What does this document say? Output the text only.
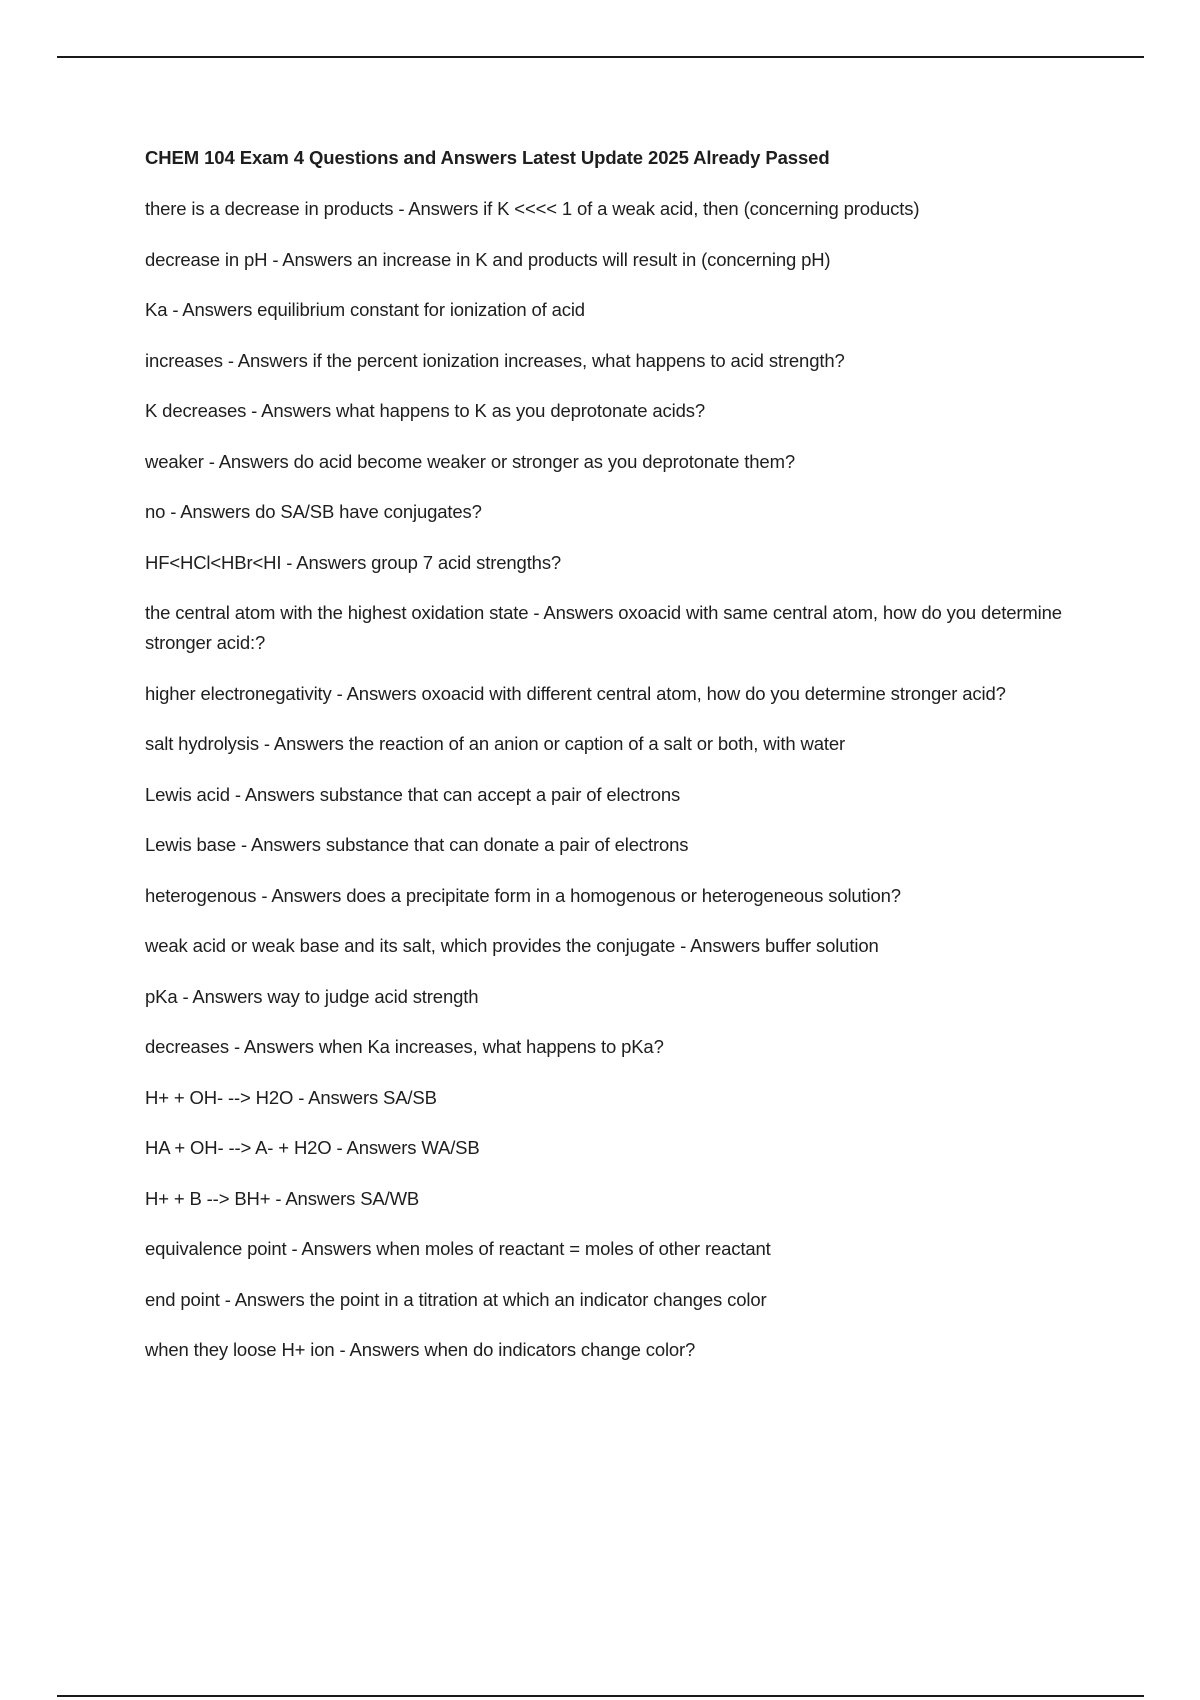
CHEM 104 Exam 4 Questions and Answers Latest Update 2025 Already Passed
there is a decrease in products - Answers if K <<<< 1 of a weak acid, then (concerning products)
decrease in pH - Answers an increase in K and products will result in (concerning pH)
Ka - Answers equilibrium constant for ionization of acid
increases - Answers if the percent ionization increases, what happens to acid strength?
K decreases - Answers what happens to K as you deprotonate acids?
weaker - Answers do acid become weaker or stronger as you deprotonate them?
no - Answers do SA/SB have conjugates?
HF<HCl<HBr<HI - Answers group 7 acid strengths?
the central atom with the highest oxidation state - Answers oxoacid with same central atom, how do you determine stronger acid:?
higher electronegativity - Answers oxoacid with different central atom, how do you determine stronger acid?
salt hydrolysis - Answers the reaction of an anion or caption of a salt or both, with water
Lewis acid - Answers substance that can accept a pair of electrons
Lewis base - Answers substance that can donate a pair of electrons
heterogenous - Answers does a precipitate form in a homogenous or heterogeneous solution?
weak acid or weak base and its salt, which provides the conjugate - Answers buffer solution
pKa - Answers way to judge acid strength
decreases - Answers when Ka increases, what happens to pKa?
H+ + OH- --> H2O - Answers SA/SB
HA + OH- --> A- + H2O - Answers WA/SB
H+ + B --> BH+ - Answers SA/WB
equivalence point - Answers when moles of reactant = moles of other reactant
end point - Answers the point in a titration at which an indicator changes color
when they loose H+ ion - Answers when do indicators change color?
